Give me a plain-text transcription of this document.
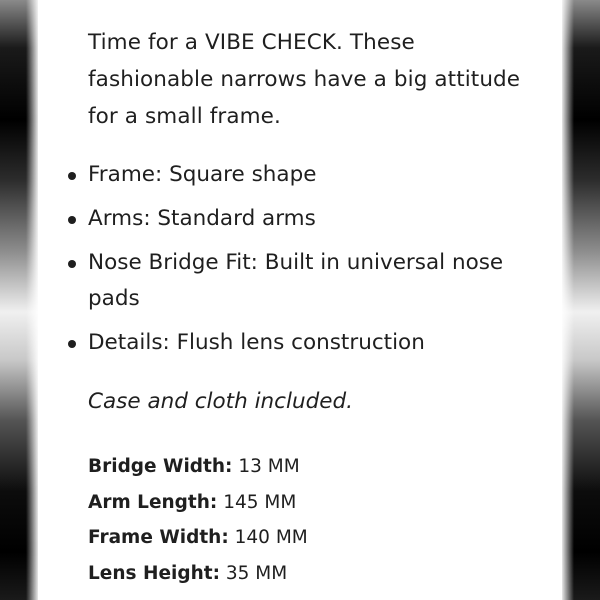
Time for a VIBE CHECK. These fashionable narrows have a big attitude for a small frame.

Frame: Square shape
Arms: Standard arms
Nose Bridge Fit: Built in universal nose pads
Details: Flush lens construction

Case and cloth included.

Bridge Width: 13 MM
Arm Length: 145 MM
Frame Width: 140 MM
Lens Height: 35 MM
